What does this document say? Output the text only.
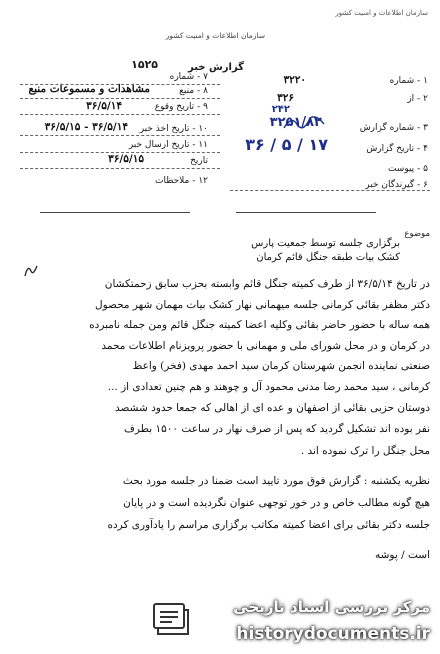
سازمان اطلاعات و امنیت کشور
سازمان اطلاعات و امنیت کشور
گزارش خبر
۱۵۲۵
۱ - شماره
۳۲۲۰
۲ - از
۳۲۶
۳ - شماره گزارش
۳۲۵۱/۸۲
۴ - تاریخ گزارش
۱۷ / ۵ / ۳۶
۵ - پیوست
۶ - گیرندگان خبر
۲۴۲
۷ - شماره
۸ - منبع
مشاهدات و مسموعات منبع
۹ - تاریخ وقوع
۳۶/۵/۱۴
۱۰ - تاریخ اخذ خبر
۳۶/۵/۱۴ - ۳۶/۵/۱۵
۱۱ - تاریخ ارسال خبر
تاریخ
۳۶/۵/۱۵
۱۲ - ملاحظات
موضوع
برگزاری جلسه توسط جمعیت پارس
کشک بیات طبقه جنگل قائم کرمان
در تاریخ ۳۶/۵/۱۴ از طرف کمیته جنگل قائم وابسته بحزب سابق زحمتکشان
دکتر مظفر بقائی کرمانی جلسه میهمانی نهار کشک بیات مهمان شهر محصول
همه ساله با حضور حاضر بقائی وکلیه اعضا کمیته جنگل قائم ومن جمله نامبرده
در کرمان و در محل شورای ملی و مهمانی با حضور پرویزنام اطلاعات محمد
صنعتی نماینده انجمن شهرستان کرمان سید احمد مهدی (فخر) واعظ
کرمانی ، سید محمد رضا مدنی محمود آل و چوهند و هم چنین تعدادی از ...
دوستان حزبی بقائی از اصفهان و عده ای از اهالی که جمعا حدود ششصد
نفر بوده اند تشکیل گردید که پس از صرف نهار در ساعت ۱۵۰۰ بطرف
محل جنگل را ترک نموده اند .
نظریه یکشنبه : گزارش فوق مورد تایید است ضمنا در جلسه مورد بحث
هیچ گونه مطالب خاص و در خور توجهی عنوان نگردیده است و در پایان
جلسه دکتر بقائی برای اعضا کمیته مکاتب برگزاری مراسم را یادآوری کرده
است / پوشه
مرکز بررسی اسناد تاریخی
historydocuments.ir
